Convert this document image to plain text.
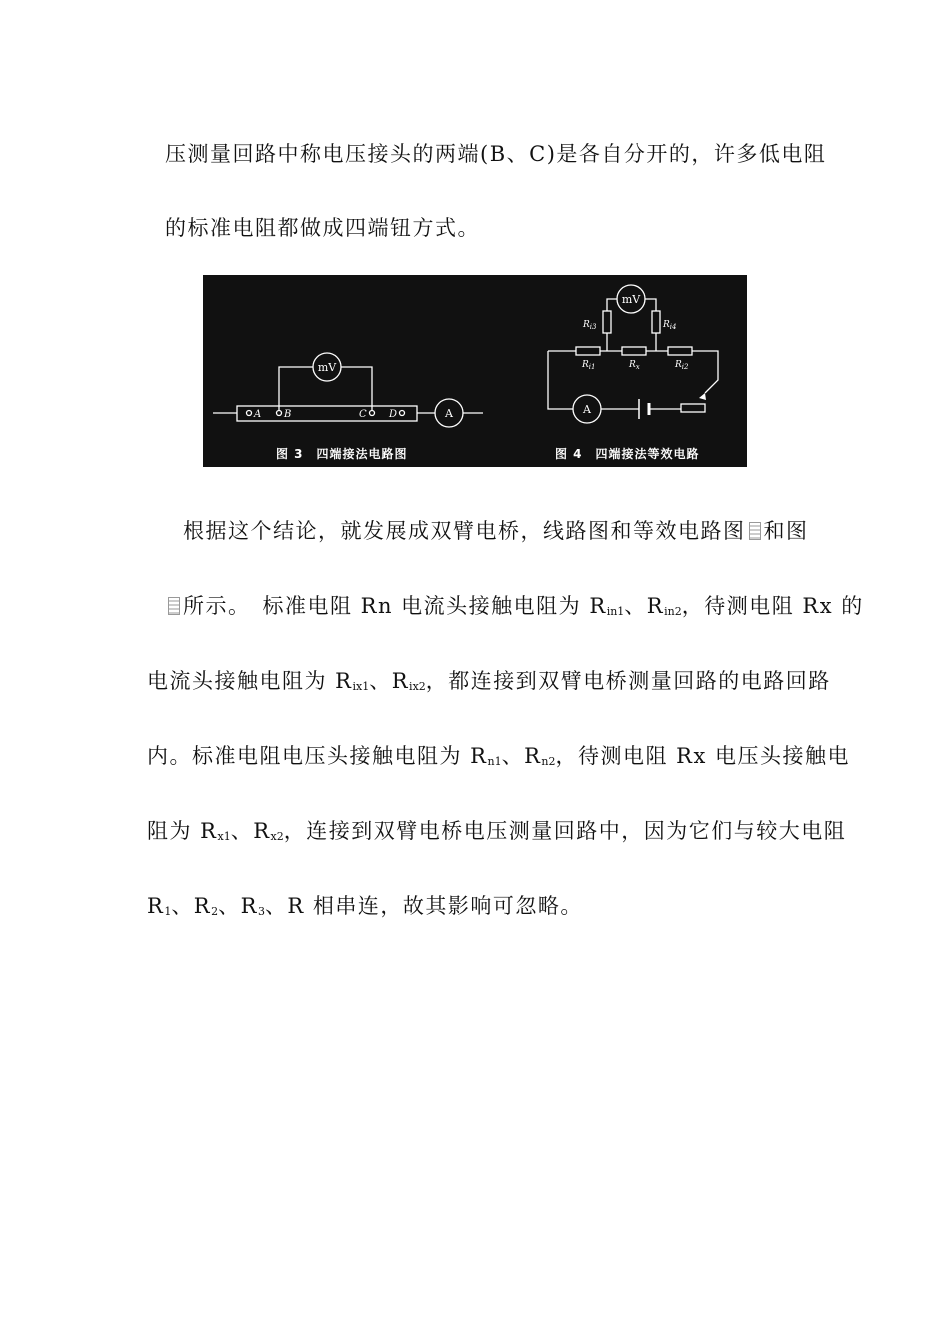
压测量回路中称电压接头的两端(B、C)是各自分开的，许多低电阻
的标准电阻都做成四端钮方式。
mV
mV
A	A
A B	C D
$R_{i3}$	$R_{i4}$
$R_{i1}$	$R_x$	$R_{i2}$
图 3　四端接法电路图	图 4　四端接法等效电路
根据这个结论，就发展成双臂电桥，线路图和等效电路图 和图
所示。　标准电阻 Rn 电流头接触电阻为 $R_{in1}$、$R_{in2}$，待测电阻 Rx 的
电流头接触电阻为 $R_{ix1}$、$R_{ix2}$，都连接到双臂电桥测量回路的电路回路
内。标准电阻电压头接触电阻为 $R_{n1}$、$R_{n2}$，待测电阻 Rx 电压头接触电
阻为 $R_{x1}$、$R_{x2}$，连接到双臂电桥电压测量回路中，因为它们与较大电阻
$R_1$、$R_2$、$R_3$、R 相串连，故其影响可忽略。
